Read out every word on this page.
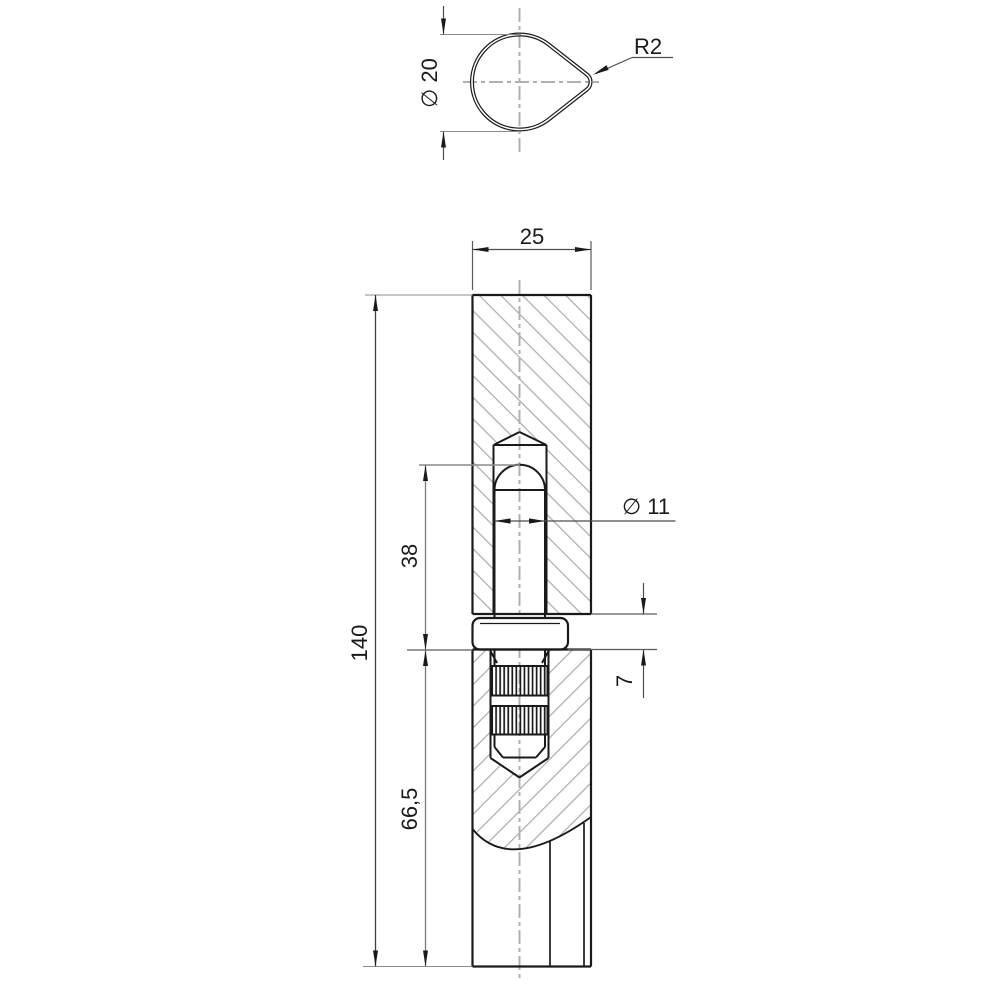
∅ 20
R2
25
140
38
66,5
7
∅ 11
